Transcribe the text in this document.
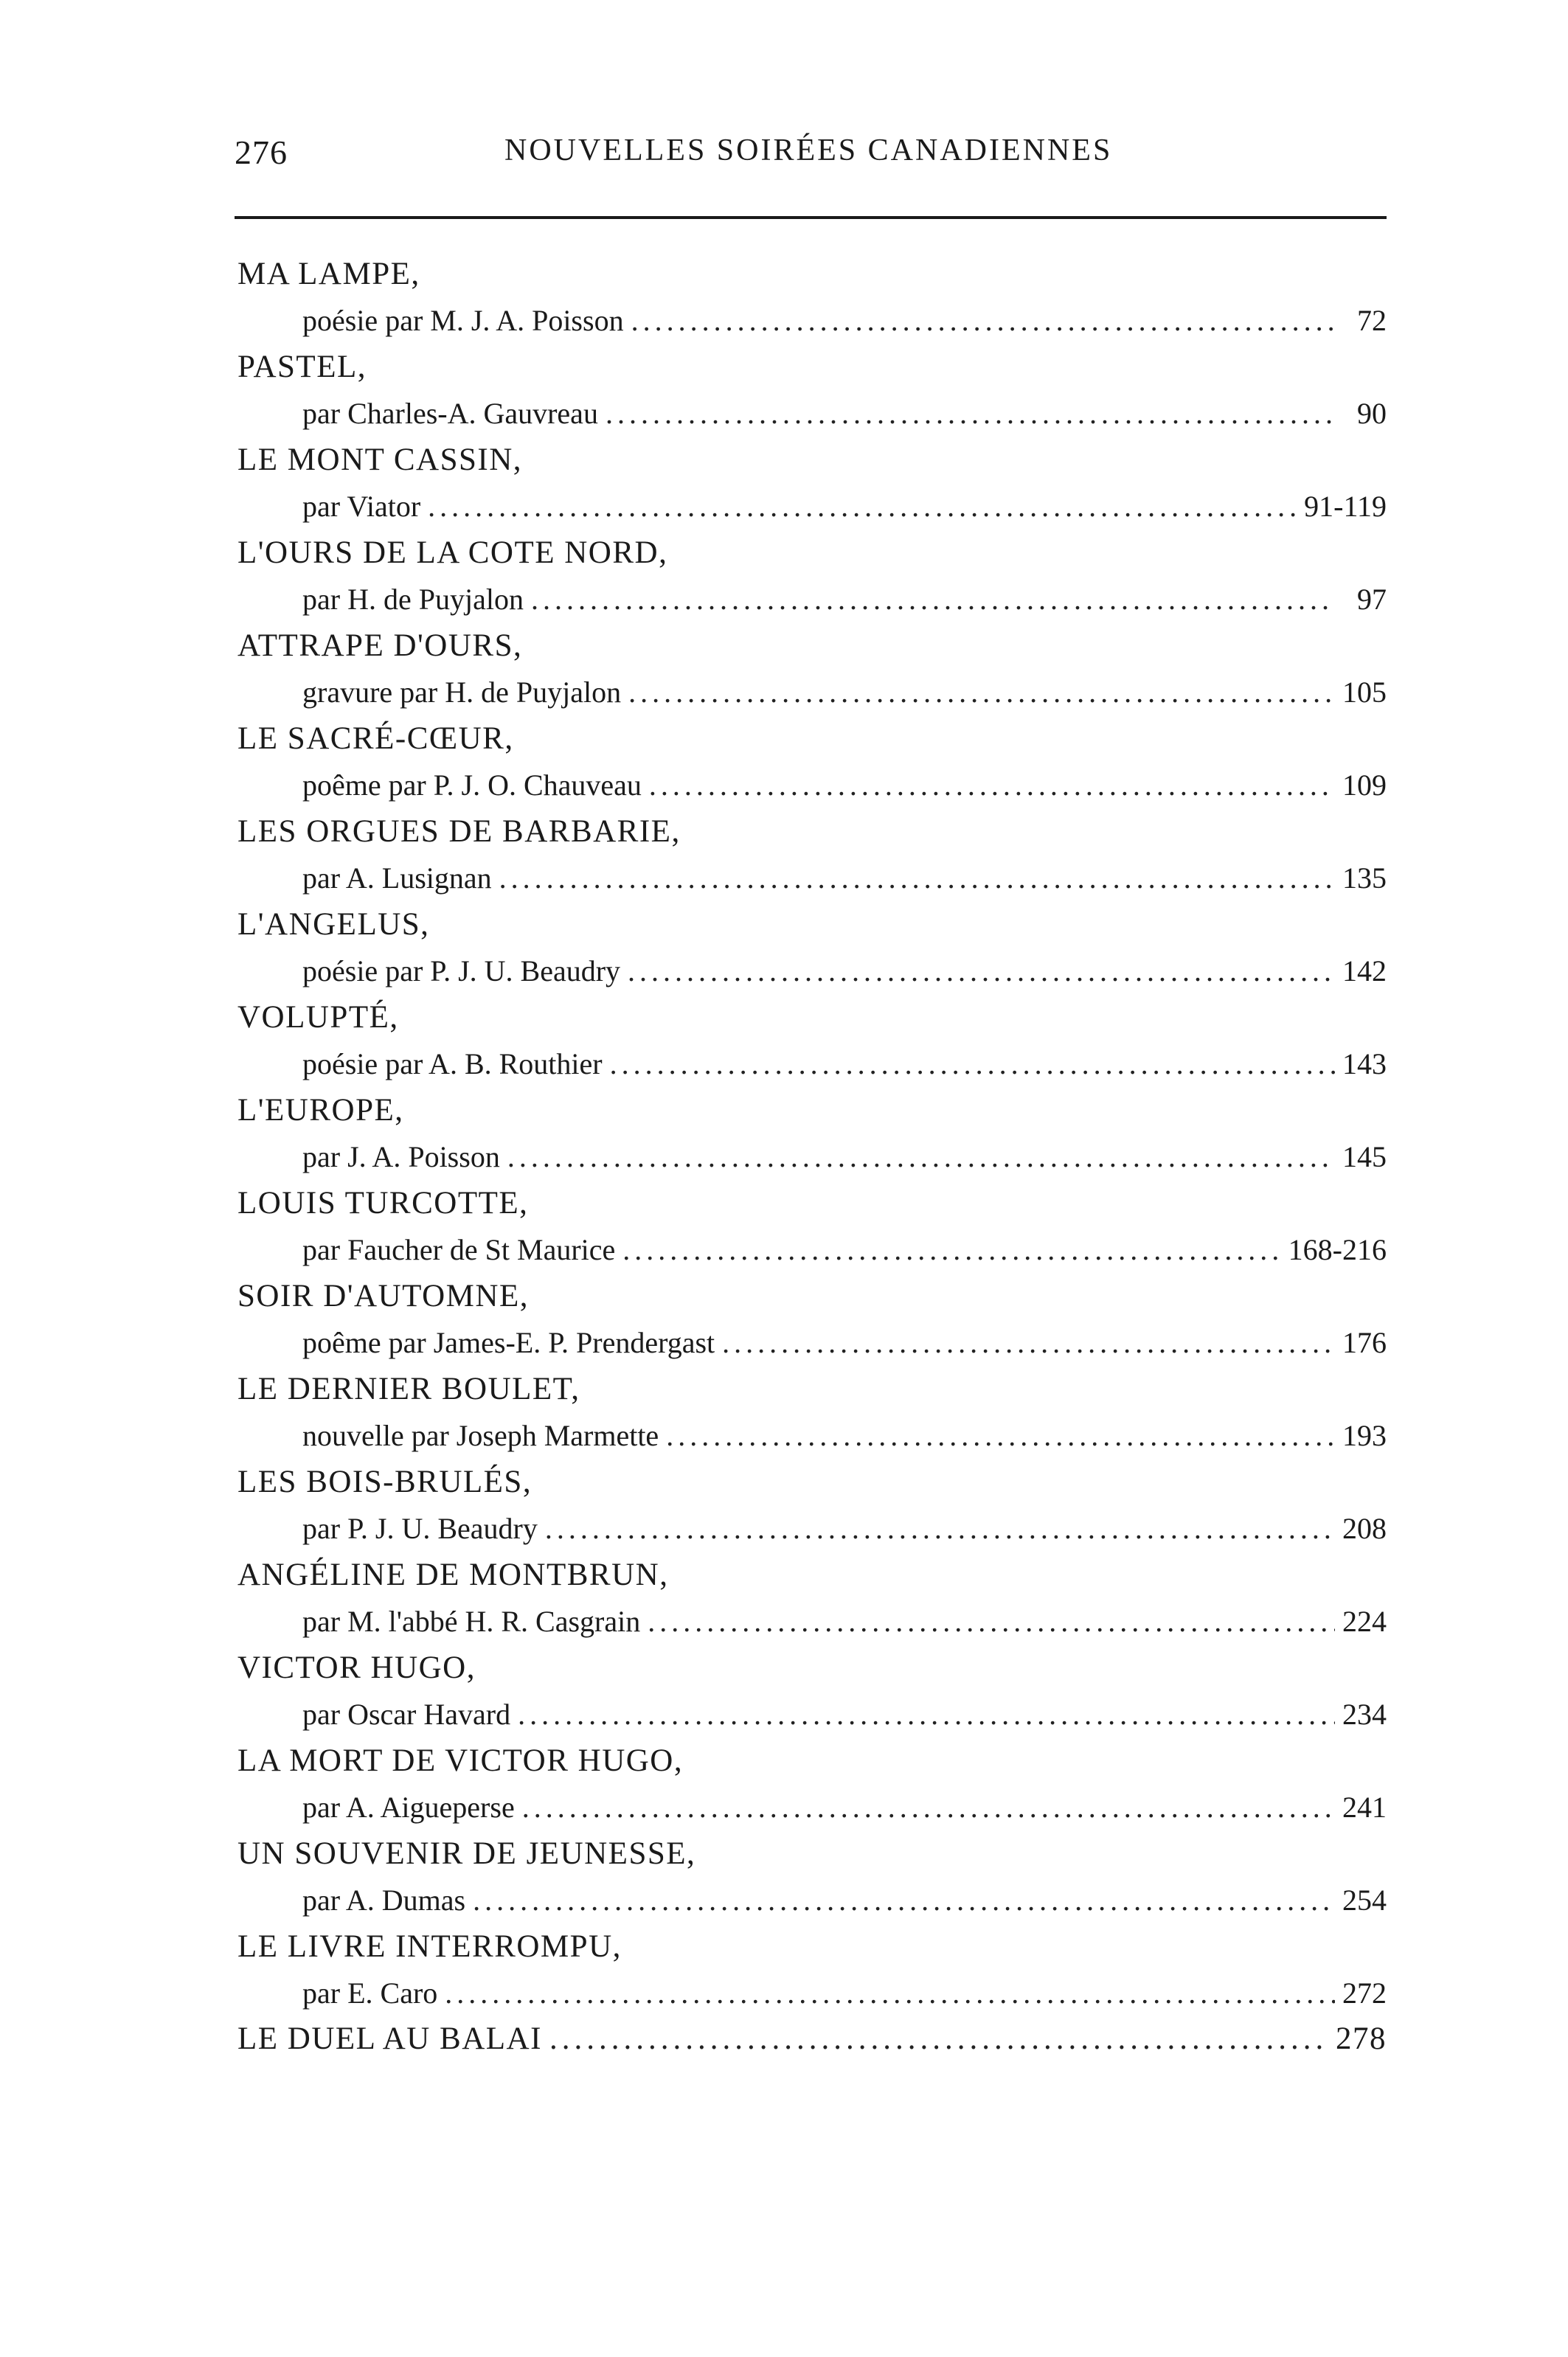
276	NOUVELLES SOIRÉES CANADIENNES
MA LAMPE,
poésie par M. J. A. Poisson .....	72
PASTEL,
par Charles-A. Gauvreau .....	90
LE MONT CASSIN,
par Viator .....	91-119
L'OURS DE LA COTE NORD,
par H. de Puyjalon .....	97
ATTRAPE D'OURS,
gravure par H. de Puyjalon .....	105
LE SACRÉ-CŒUR,
poême par P. J. O. Chauveau .....	109
LES ORGUES DE BARBARIE,
par A. Lusignan .....	135
L'ANGELUS,
poésie par P. J. U. Beaudry .....	142
VOLUPTÉ,
poésie par A. B. Routhier .....	143
L'EUROPE,
par J. A. Poisson .....	145
LOUIS TURCOTTE,
par Faucher de St Maurice .....	168-216
SOIR D'AUTOMNE,
poême par James-E. P. Prendergast .....	176
LE DERNIER BOULET,
nouvelle par Joseph Marmette .....	193
LES BOIS-BRULÉS,
par P. J. U. Beaudry .....	208
ANGÉLINE DE MONTBRUN,
par M. l'abbé H. R. Casgrain .....	224
VICTOR HUGO,
par Oscar Havard .....	234
LA MORT DE VICTOR HUGO,
par A. Aigueperse .....	241
UN SOUVENIR DE JEUNESSE,
par A. Dumas .....	254
LE LIVRE INTERROMPU,
par E. Caro .....	272
LE DUEL AU BALAI .....	278
